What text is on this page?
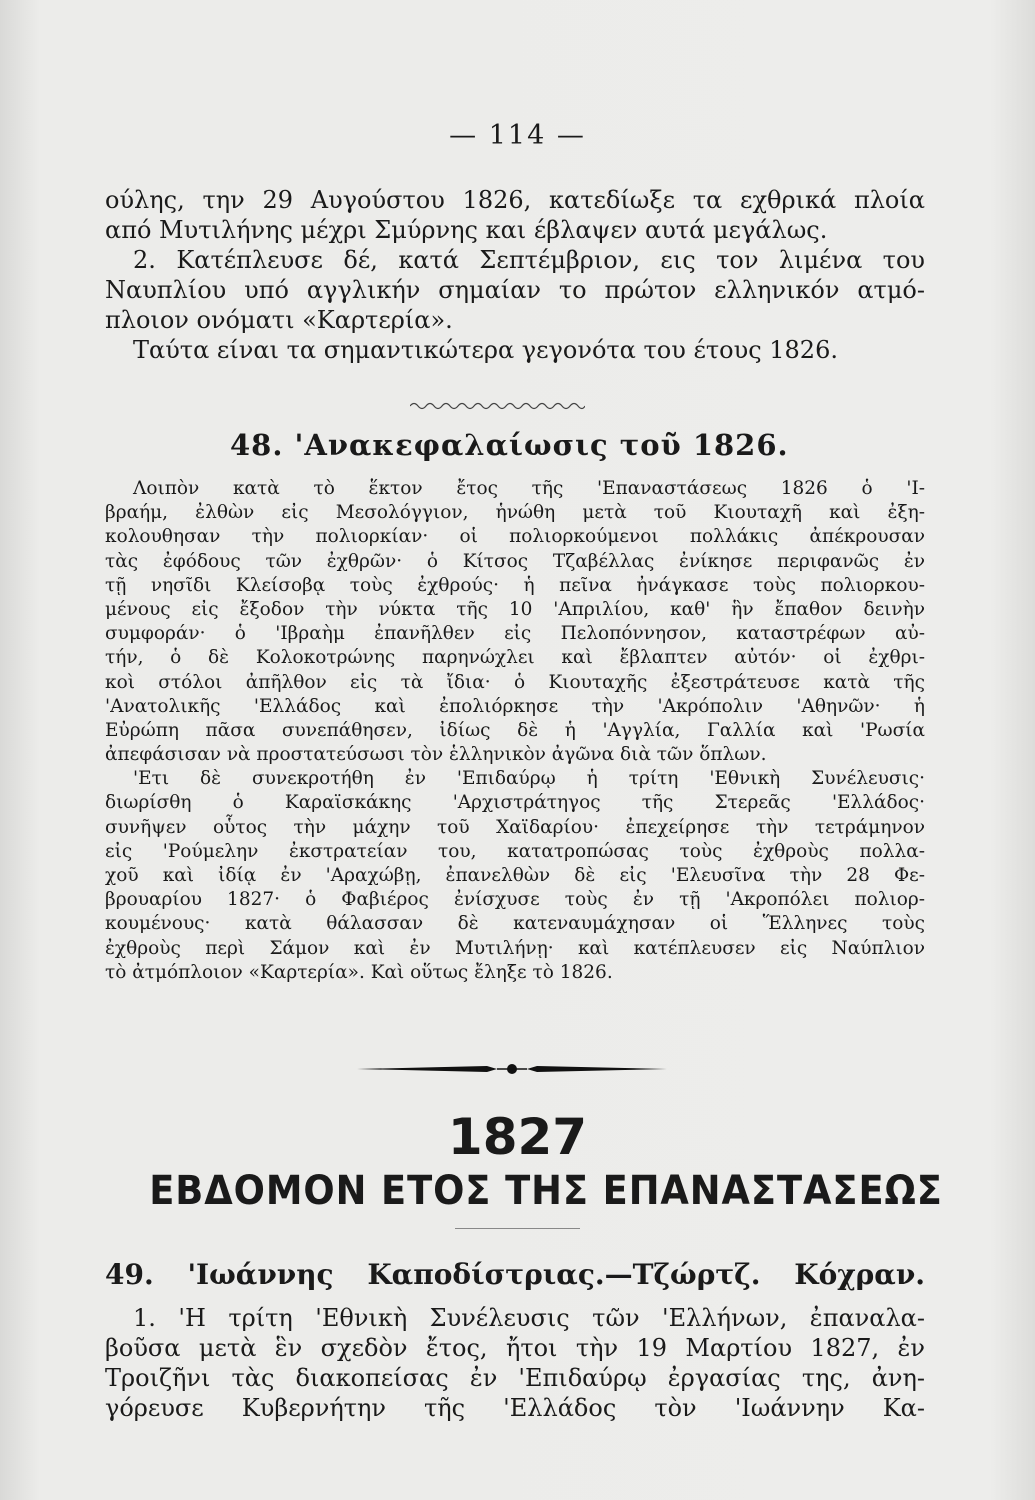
— 114 —
ούλης, την 29 Αυγούστου 1826, κατεδίωξε τα εχθρικά πλοία
από Μυτιλήνης μέχρι Σμύρνης και έβλαψεν αυτά μεγάλως.
2. Κατέπλευσε δέ, κατά Σεπτέμβριον, εις τον λιμένα του
Ναυπλίου υπό αγγλικήν σημαίαν το πρώτον ελληνικόν ατμό-
πλοιον ονόματι «Καρτερία».
Ταύτα είναι τα σημαντικώτερα γεγονότα του έτους 1826.
48. 'Ανακεφαλαίωσις τοῦ 1826.
Λοιπὸν κατὰ τὸ ἕκτον ἔτος τῆς 'Επαναστάσεως 1826 ὁ 'Ι-
βραήμ, ἐλθὼν εἰς Μεσολόγγιον, ἡνώθη μετὰ τοῦ Κιουταχῆ καὶ ἐξη-
κολουθησαν τὴν πολιορκίαν· οἱ πολιορκούμενοι πολλάκις ἀπέκρουσαν
τὰς ἐφόδους τῶν ἐχθρῶν· ὁ Κίτσος Τζαβέλλας ἐνίκησε περιφανῶς ἐν
τῇ νησῖδι Κλείσοβᾳ τοὺς ἐχθρούς· ἡ πεῖνα ἠνάγκασε τοὺς πολιορκου-
μένους εἰς ἔξοδον τὴν νύκτα τῆς 10 'Απριλίου, καθ' ἣν ἔπαθον δεινὴν
συμφοράν· ὁ 'Ιβραὴμ ἐπανῆλθεν εἰς Πελοπόννησον, καταστρέφων αὐ-
τήν, ὁ δὲ Κολοκοτρώνης παρηνώχλει καὶ ἔβλαπτεν αὐτόν· οἱ ἐχθρι-
κοὶ στόλοι ἀπῆλθον εἰς τὰ ἴδια· ὁ Κιουταχῆς ἐξεστράτευσε κατὰ τῆς
'Ανατολικῆς 'Ελλάδος καὶ ἐπολιόρκησε τὴν 'Ακρόπολιν 'Αθηνῶν· ἡ
Εὐρώπη πᾶσα συνεπάθησεν, ἰδίως δὲ ἡ 'Αγγλία, Γαλλία καὶ 'Ρωσία
ἀπεφάσισαν νὰ προστατεύσωσι τὸν ἑλληνικὸν ἀγῶνα διὰ τῶν ὅπλων.
'Ετι δὲ συνεκροτήθη ἐν 'Επιδαύρῳ ἡ τρίτη 'Εθνικὴ Συνέλευσις·
διωρίσθη ὁ Καραϊσκάκης 'Αρχιστράτηγος τῆς Στερεᾶς 'Ελλάδος·
συνῆψεν οὗτος τὴν μάχην τοῦ Χαϊδαρίου· ἐπεχείρησε τὴν τετράμηνον
εἰς 'Ρούμελην ἐκστρατείαν του, κατατροπώσας τοὺς ἐχθροὺς πολλα-
χοῦ καὶ ἰδίᾳ ἐν 'Αραχώβῃ, ἐπανελθὼν δὲ εἰς 'Ελευσῖνα τὴν 28 Φε-
βρουαρίου 1827· ὁ Φαβιέρος ἐνίσχυσε τοὺς ἐν τῇ 'Ακροπόλει πολιορ-
κουμένους· κατὰ θάλασσαν δὲ κατεναυμάχησαν οἱ Ἕλληνες τοὺς
ἐχθροὺς περὶ Σάμον καὶ ἐν Μυτιλήνῃ· καὶ κατέπλευσεν εἰς Ναύπλιον
τὸ ἀτμόπλοιον «Καρτερία». Καὶ οὕτως ἔληξε τὸ 1826.
1827
ΕΒΔΟΜΟΝ ΕΤΟΣ ΤΗΣ ΕΠΑΝΑΣΤΑΣΕΩΣ
49. 'Ιωάννης Καποδίστριας.—Τζώρτζ. Κόχραν.
1. 'Η τρίτη 'Εθνικὴ Συνέλευσις τῶν 'Ελλήνων, ἐπαναλα-
βοῦσα μετὰ ἓν σχεδὸν ἔτος, ἤτοι τὴν 19 Μαρτίου 1827, ἐν
Τροιζῆνι τὰς διακοπείσας ἐν 'Επιδαύρῳ ἐργασίας της, ἀνη-
γόρευσε Κυβερνήτην τῆς 'Ελλάδος τὸν 'Ιωάννην Κα-
